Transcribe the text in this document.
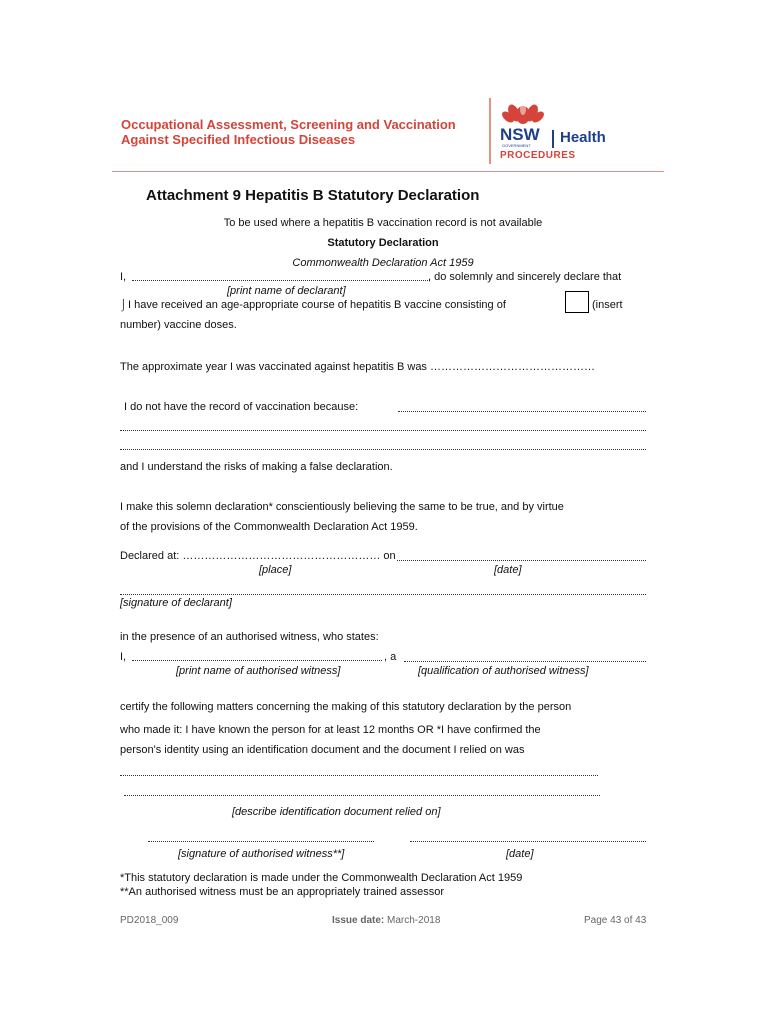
Occupational Assessment, Screening and Vaccination
Against Specified Infectious Diseases	NSW
GOVERNMENT Health
PROCEDURES
Attachment 9 Hepatitis B Statutory Declaration
To be used where a hepatitis B vaccination record is not available
Statutory Declaration
Commonwealth Declaration Act 1959
I,	, do solemnly and sincerely declare that
[print name of declarant]
⌡ I have received an age-appropriate course of hepatitis B vaccine consisting of	(insert
number) vaccine doses.
The approximate year I was vaccinated against hepatitis B was ………………………………………
I do not have the record of vaccination because:
and I understand the risks of making a false declaration.
I make this solemn declaration* conscientiously believing the same to be true, and by virtue
of the provisions of the Commonwealth Declaration Act 1959.
Declared at: ……………………………………………… on
[place]	[date]
[signature of declarant]
in the presence of an authorised witness, who states:
I,	, a
[print name of authorised witness]	[qualification of authorised witness]
certify the following matters concerning the making of this statutory declaration by the person
who made it: I have known the person for at least 12 months OR *I have confirmed the
person's identity using an identification document and the document I relied on was
[describe identification document relied on]
[signature of authorised witness**]	[date]
*This statutory declaration is made under the Commonwealth Declaration Act 1959
**An authorised witness must be an appropriately trained assessor
PD2018_009	Issue date: March-2018	Page 43 of 43
